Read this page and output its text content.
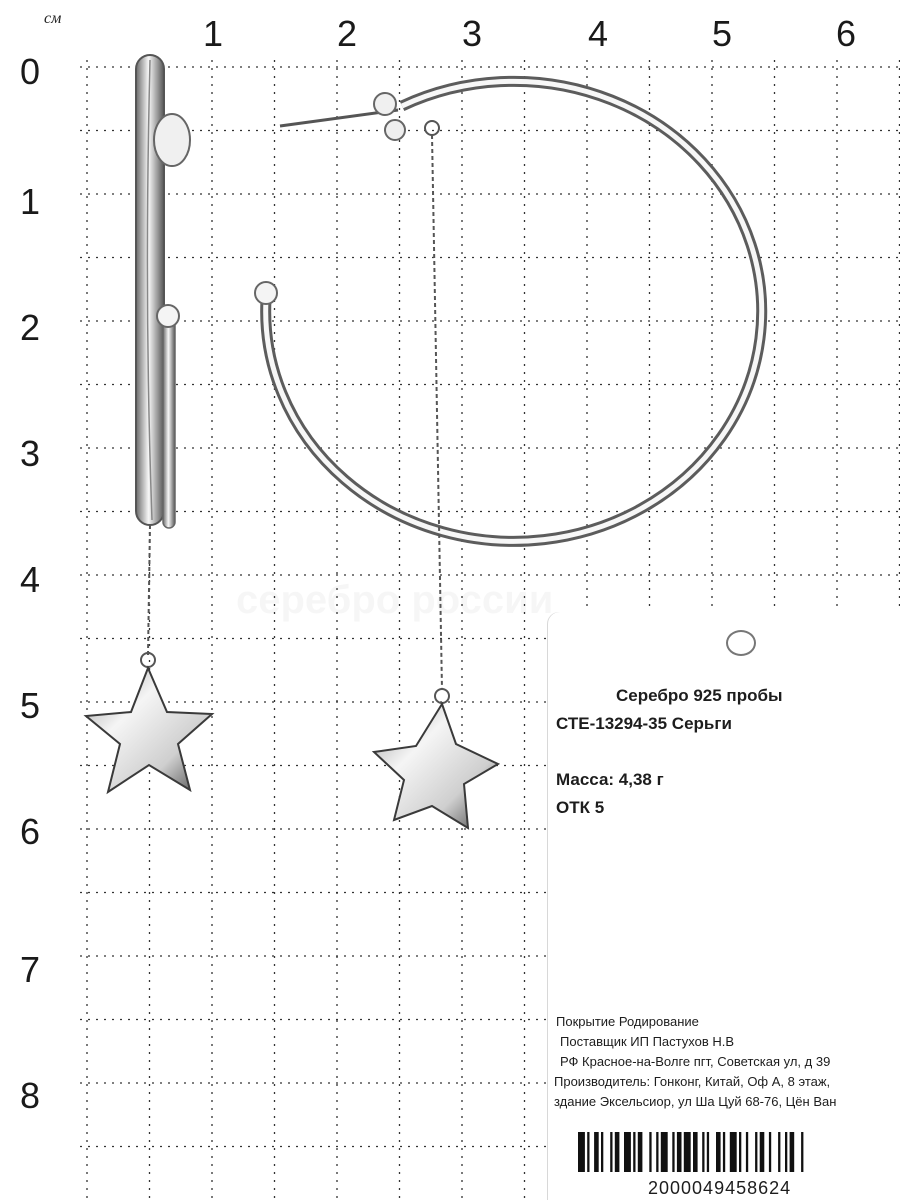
см	1	2	3	4	5	6
0
1
2
3
4
5
6
7
8
Серебро 925 пробы
СТЕ-13294-35 Серьги
Масса: 4,38 г
ОТК 5
Покрытие Родирование
Поставщик ИП Пастухов Н.В
РФ Красное-на-Волге пгт, Советская ул, д 39
Производитель: Гонконг, Китай, Оф А, 8 этаж,
здание Эксельсиор, ул Ша Цуй 68-76, Цён Ван
2000049458624
